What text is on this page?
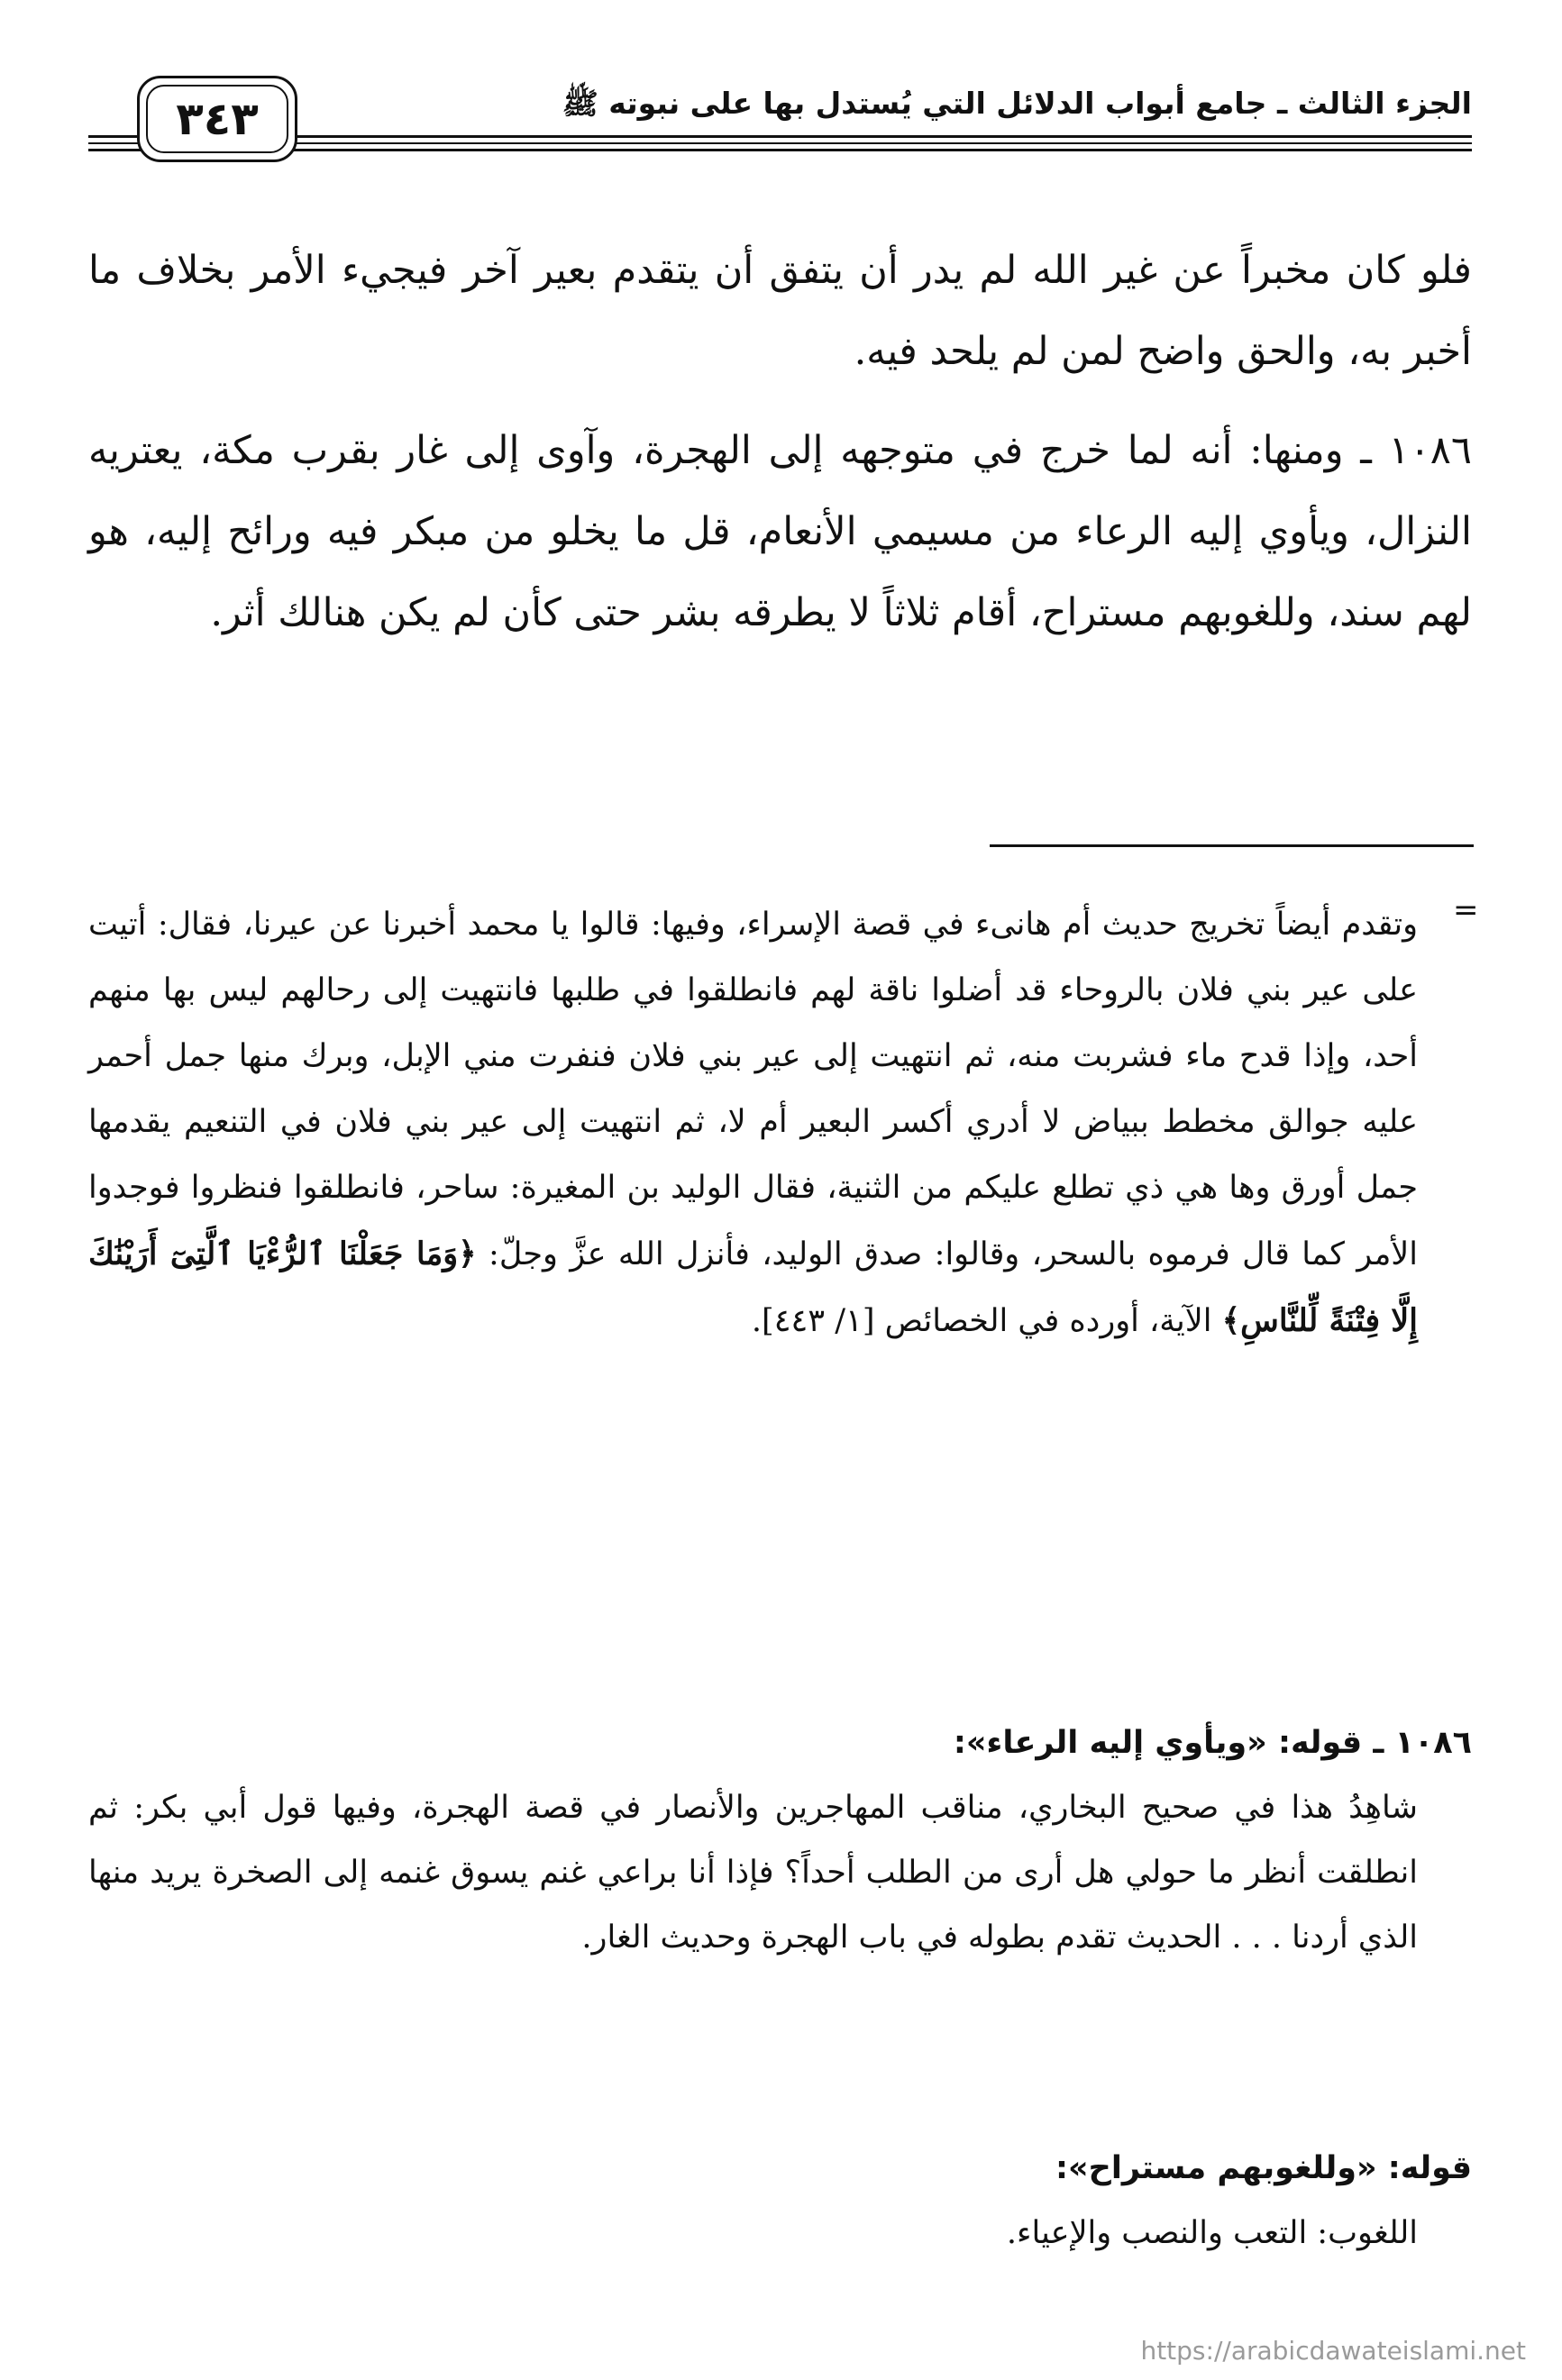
الجزء الثالث ـ جامع أبواب الدلائل التي يُستدل بها على نبوته ﷺ
٣٤٣

فلو كان مخبراً عن غير الله لم يدر أن يتفق أن يتقدم بعير آخر فيجيء الأمر بخلاف ما أخبر به، والحق واضح لمن لم يلحد فيه.

١٠٨٦ ـ ومنها: أنه لما خرج في متوجهه إلى الهجرة، وآوى إلى غار بقرب مكة، يعتريه النزال، ويأوي إليه الرعاء من مسيمي الأنعام، قل ما يخلو من مبكر فيه ورائح إليه، هو لهم سند، وللغوبهم مستراح، أقام ثلاثاً لا يطرقه بشر حتى كأن لم يكن هنالك أثر.

=

وتقدم أيضاً تخريج حديث أم هانىء في قصة الإسراء، وفيها: قالوا يا محمد أخبرنا عن عيرنا، فقال: أتيت على عير بني فلان بالروحاء قد أضلوا ناقة لهم فانطلقوا في طلبها فانتهيت إلى رحالهم ليس بها منهم أحد، وإذا قدح ماء فشربت منه، ثم انتهيت إلى عير بني فلان فنفرت مني الإبل، وبرك منها جمل أحمر عليه جوالق مخطط ببياض لا أدري أكسر البعير أم لا، ثم انتهيت إلى عير بني فلان في التنعيم يقدمها جمل أورق وها هي ذي تطلع عليكم من الثنية، فقال الوليد بن المغيرة: ساحر، فانطلقوا فنظروا فوجدوا الأمر كما قال فرموه بالسحر، وقالوا: صدق الوليد، فأنزل الله عزَّ وجلّ: ﴿وَمَا جَعَلْنَا ٱلرُّءْيَا ٱلَّتِىٓ أَرَيْنَٰكَ إِلَّا فِتْنَةً لِّلنَّاسِ﴾ الآية، أورده في الخصائص [١/ ٤٤٣].

١٠٨٦ ـ قوله: «ويأوي إليه الرعاء»:

شاهِدُ هذا في صحيح البخاري، مناقب المهاجرين والأنصار في قصة الهجرة، وفيها قول أبي بكر: ثم انطلقت أنظر ما حولي هل أرى من الطلب أحداً؟ فإذا أنا براعي غنم يسوق غنمه إلى الصخرة يريد منها الذي أردنا . . . الحديث تقدم بطوله في باب الهجرة وحديث الغار.

قوله: «وللغوبهم مستراح»:

اللغوب: التعب والنصب والإعياء.

https://arabicdawateislami.net
